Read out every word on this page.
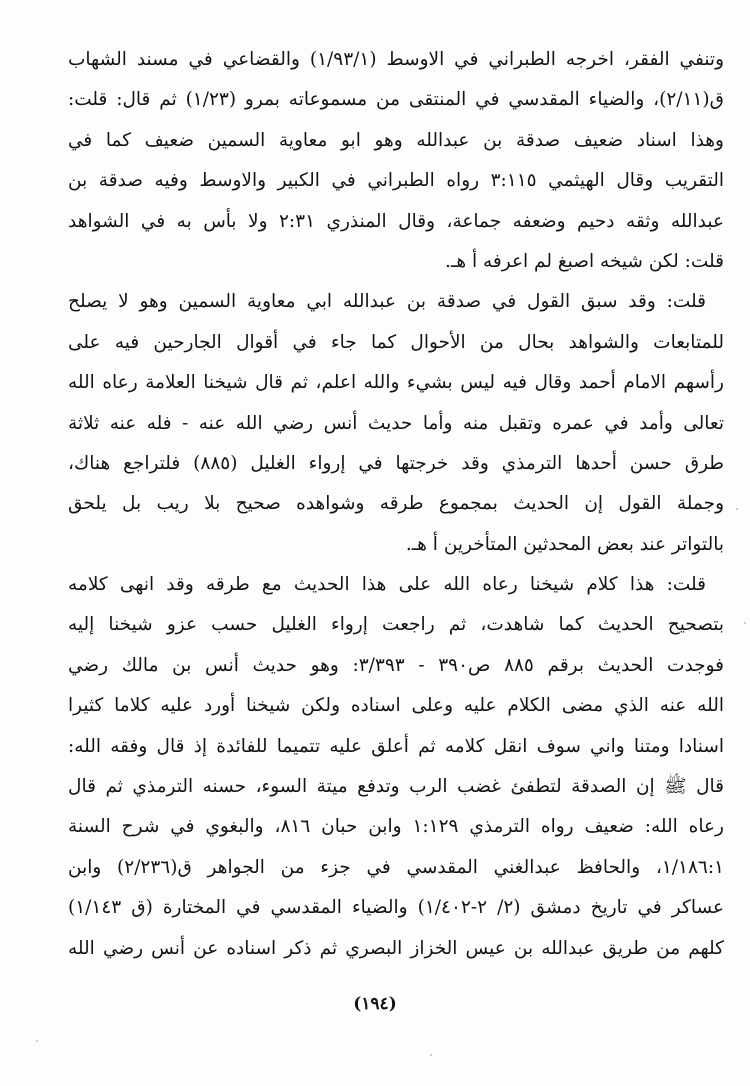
وتنفي الفقر، اخرجه الطبراني في الاوسط (١/٩٣/١) والقضاعي في مسند الشهاب
ق(٢/١١)، والضياء المقدسي في المنتقى من مسموعاته بمرو (١/٢٣) ثم قال: قلت:
وهذا اسناد ضعيف صدقة بن عبدالله وهو ابو معاوية السمين ضعيف كما في
التقريب وقال الهيثمي ٣:١١٥ رواه الطبراني في الكبير والاوسط وفيه صدقة بن
عبدالله وثقه دحيم وضعفه جماعة، وقال المنذري ٢:٣١ ولا بأس به في الشواهد
قلت: لكن شيخه اصبغ لم اعرفه أ هـ.
قلت: وقد سبق القول في صدقة بن عبدالله ابي معاوية السمين وهو لا يصلح
للمتابعات والشواهد بحال من الأحوال كما جاء في أقوال الجارحين فيه على
رأسهم الامام أحمد وقال فيه ليس بشيء والله اعلم، ثم قال شيخنا العلامة رعاه الله
تعالى وأمد في عمره وتقبل منه وأما حديث أنس رضي الله عنه - فله عنه ثلاثة
طرق حسن أحدها الترمذي وقد خرجتها في إرواء الغليل (٨٨٥) فلتراجع هناك،
وجملة القول إن الحديث بمجموع طرقه وشواهده صحيح بلا ريب بل يلحق
بالتواتر عند بعض المحدثين المتأخرين أ هـ.
قلت: هذا كلام شيخنا رعاه الله على هذا الحديث مع طرقه وقد انهى كلامه
بتصحيح الحديث كما شاهدت، ثم راجعت إرواء الغليل حسب عزو شيخنا إليه
فوجدت الحديث برقم ٨٨٥ ص٣٩٠ - ٣/٣٩٣: وهو حديث أنس بن مالك رضي
الله عنه الذي مضى الكلام عليه وعلى اسناده ولكن شيخنا أورد عليه كلاما كثيرا
اسنادا ومتنا واني سوف انقل كلامه ثم أعلق عليه تتميما للفائدة إذ قال وفقه الله:
قال ﷺ إن الصدقة لتطفئ غضب الرب وتدفع ميتة السوء، حسنه الترمذي ثم قال
رعاه الله: ضعيف رواه الترمذي ١:١٢٩ وابن حبان ٨١٦، والبغوي في شرح السنة
١/١٨٦:١، والحافظ عبدالغني المقدسي في جزء من الجواهر ق(٢/٢٣٦) وابن
عساكر في تاريخ دمشق (٢/ ٢-١/٤٠٢) والضياء المقدسي في المختارة (ق ١/١٤٣)
كلهم من طريق عبدالله بن عيس الخزاز البصري ثم ذكر اسناده عن أنس رضي الله
(١٩٤)
